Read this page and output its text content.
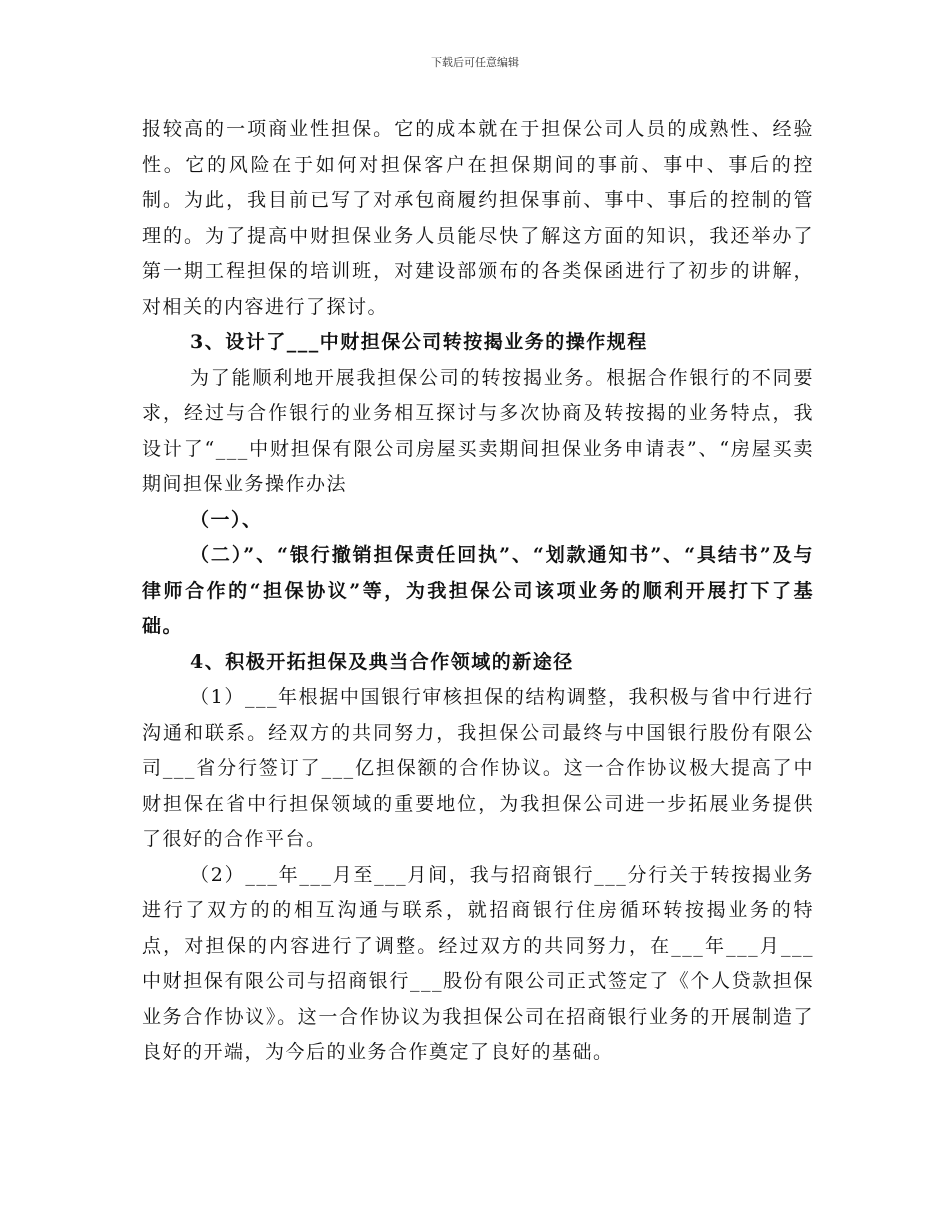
下载后可任意编辑

报较高的一项商业性担保。它的成本就在于担保公司人员的成熟性、经验性。它的风险在于如何对担保客户在担保期间的事前、事中、事后的控制。为此，我目前已写了对承包商履约担保事前、事中、事后的控制的管理的。为了提高中财担保业务人员能尽快了解这方面的知识，我还举办了第一期工程担保的培训班，对建设部颁布的各类保函进行了初步的讲解，对相关的内容进行了探讨。

3、设计了___中财担保公司转按揭业务的操作规程

为了能顺利地开展我担保公司的转按揭业务。根据合作银行的不同要求，经过与合作银行的业务相互探讨与多次协商及转按揭的业务特点，我设计了“___中财担保有限公司房屋买卖期间担保业务申请表”、“房屋买卖期间担保业务操作办法

（一）、

（二）”、“银行撤销担保责任回执”、“划款通知书”、“具结书”及与律师合作的“担保协议”等，为我担保公司该项业务的顺利开展打下了基础。

4、积极开拓担保及典当合作领域的新途径

（1）___年根据中国银行审核担保的结构调整，我积极与省中行进行沟通和联系。经双方的共同努力，我担保公司最终与中国银行股份有限公司___省分行签订了___亿担保额的合作协议。这一合作协议极大提高了中财担保在省中行担保领域的重要地位，为我担保公司进一步拓展业务提供了很好的合作平台。

（2）___年___月至___月间，我与招商银行___分行关于转按揭业务进行了双方的的相互沟通与联系，就招商银行住房循环转按揭业务的特点，对担保的内容进行了调整。经过双方的共同努力，在___年___月___中财担保有限公司与招商银行___股份有限公司正式签定了《个人贷款担保业务合作协议》。这一合作协议为我担保公司在招商银行业务的开展制造了良好的开端，为今后的业务合作奠定了良好的基础。
